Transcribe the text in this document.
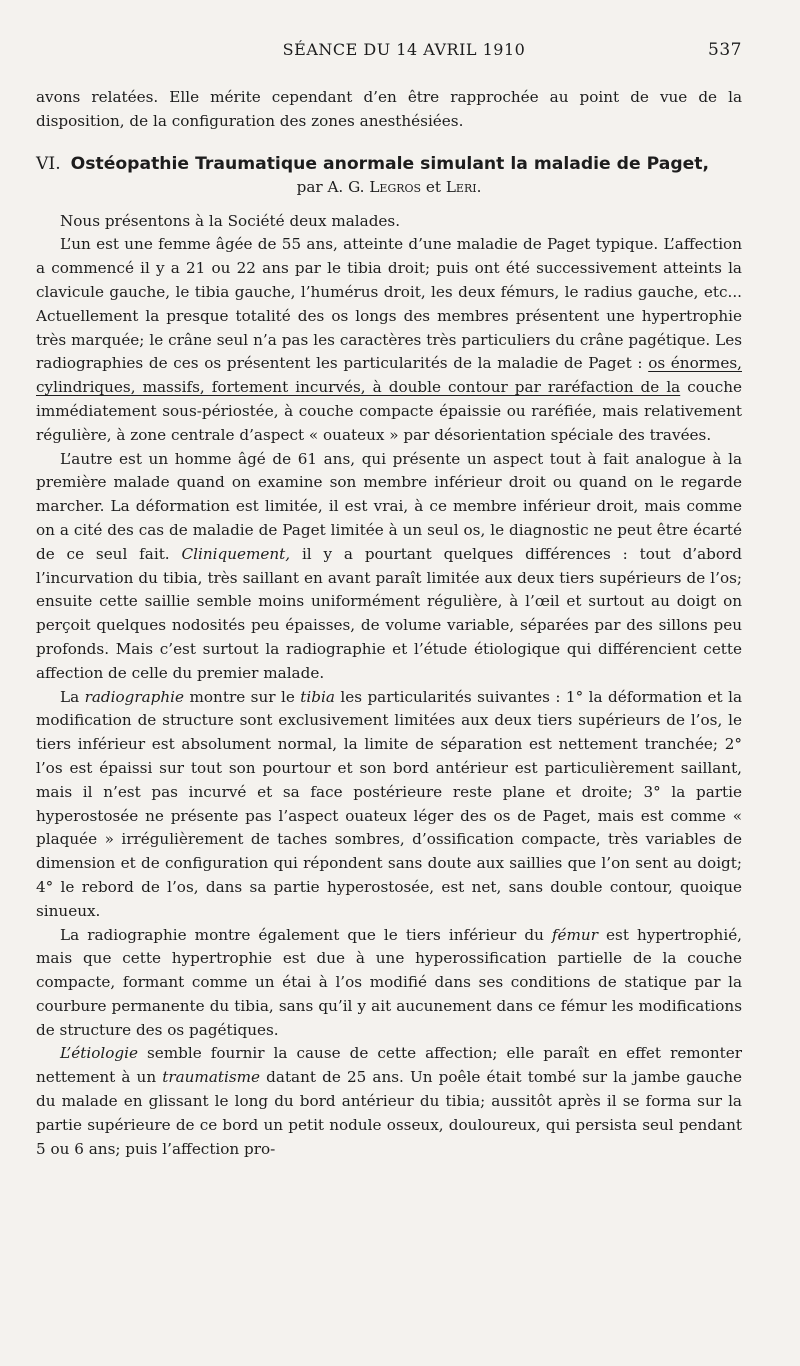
SÉANCE DU 14 AVRIL 1910	537

avons relatées. Elle mérite cependant d’en être rapprochée au point de vue de la disposition, de la configuration des zones anesthésiées.

VI. Ostéopathie Traumatique anormale simulant la maladie de Paget,
par A. G. Legros et Leri.

Nous présentons à la Société deux malades.

L’un est une femme âgée de 55 ans, atteinte d’une maladie de Paget typique. L’affection a commencé il y a 21 ou 22 ans par le tibia droit; puis ont été successivement atteints la clavicule gauche, le tibia gauche, l’humérus droit, les deux fémurs, le radius gauche, etc... Actuellement la presque totalité des os longs des membres présentent une hypertrophie très marquée; le crâne seul n’a pas les caractères très particuliers du crâne pagétique. Les radiographies de ces os présentent les particularités de la maladie de Paget : os énormes, cylindriques, massifs, fortement incurvés, à double contour par raréfaction de la couche immédiatement sous-périostée, à couche compacte épaissie ou raréfiée, mais relativement régulière, à zone centrale d’aspect « ouateux » par désorientation spéciale des travées.

L’autre est un homme âgé de 61 ans, qui présente un aspect tout à fait analogue à la première malade quand on examine son membre inférieur droit ou quand on le regarde marcher. La déformation est limitée, il est vrai, à ce membre inférieur droit, mais comme on a cité des cas de maladie de Paget limitée à un seul os, le diagnostic ne peut être écarté de ce seul fait. Cliniquement, il y a pourtant quelques différences : tout d’abord l’incurvation du tibia, très saillant en avant paraît limitée aux deux tiers supérieurs de l’os; ensuite cette saillie semble moins uniformément régulière, à l’œil et surtout au doigt on perçoit quelques nodosités peu épaisses, de volume variable, séparées par des sillons peu profonds. Mais c’est surtout la radiographie et l’étude étiologique qui différencient cette affection de celle du premier malade.

La radiographie montre sur le tibia les particularités suivantes : 1° la déformation et la modification de structure sont exclusivement limitées aux deux tiers supérieurs de l’os, le tiers inférieur est absolument normal, la limite de séparation est nettement tranchée; 2° l’os est épaissi sur tout son pourtour et son bord antérieur est particulièrement saillant, mais il n’est pas incurvé et sa face postérieure reste plane et droite; 3° la partie hyperostosée ne présente pas l’aspect ouateux léger des os de Paget, mais est comme « plaquée » irrégulièrement de taches sombres, d’ossification compacte, très variables de dimension et de configuration qui répondent sans doute aux saillies que l’on sent au doigt; 4° le rebord de l’os, dans sa partie hyperostosée, est net, sans double contour, quoique sinueux.

La radiographie montre également que le tiers inférieur du fémur est hypertrophié, mais que cette hypertrophie est due à une hyperossification partielle de la couche compacte, formant comme un étai à l’os modifié dans ses conditions de statique par la courbure permanente du tibia, sans qu’il y ait aucunement dans ce fémur les modifications de structure des os pagétiques.

L’étiologie semble fournir la cause de cette affection; elle paraît en effet remonter nettement à un traumatisme datant de 25 ans. Un poêle était tombé sur la jambe gauche du malade en glissant le long du bord antérieur du tibia; aussitôt après il se forma sur la partie supérieure de ce bord un petit nodule osseux, douloureux, qui persista seul pendant 5 ou 6 ans; puis l’affection pro-
